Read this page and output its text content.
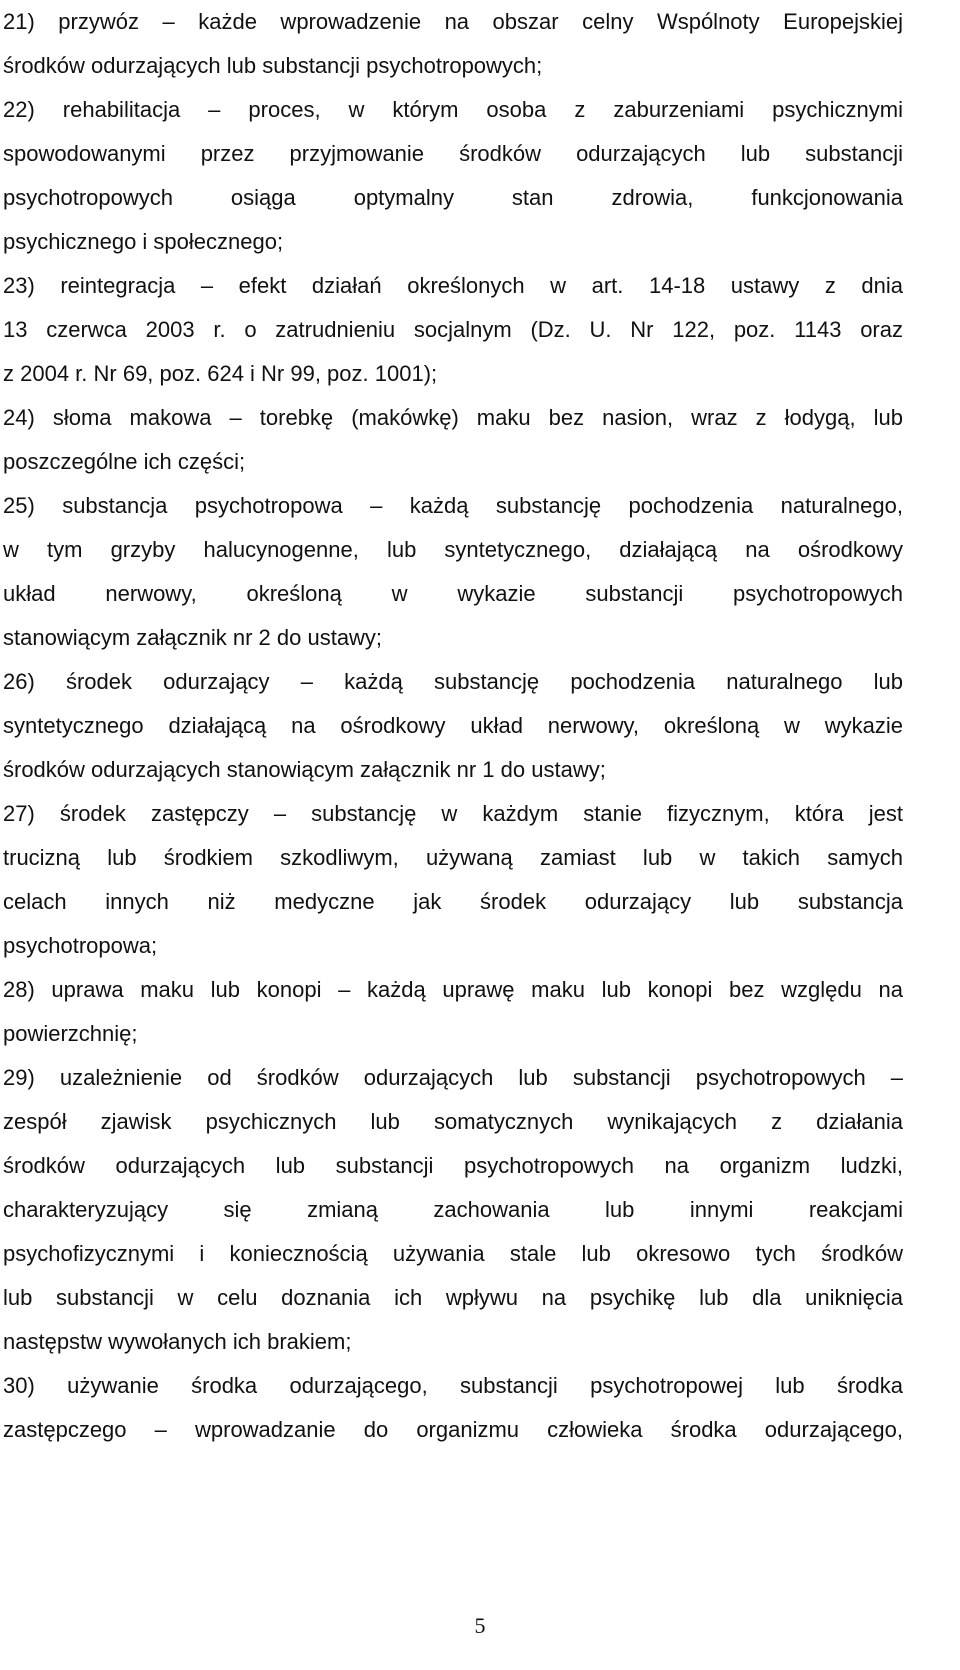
21) przywóz – każde wprowadzenie na obszar celny Wspólnoty Europejskiej
środków odurzających lub substancji psychotropowych;
22) rehabilitacja – proces, w którym osoba z zaburzeniami psychicznymi
spowodowanymi przez przyjmowanie środków odurzających lub substancji
psychotropowych osiąga optymalny stan zdrowia, funkcjonowania
psychicznego i społecznego;
23) reintegracja – efekt działań określonych w art. 14-18 ustawy z dnia
13 czerwca 2003 r. o zatrudnieniu socjalnym (Dz. U. Nr 122, poz. 1143 oraz
z 2004 r. Nr 69, poz. 624 i Nr 99, poz. 1001);
24) słoma makowa – torebkę (makówkę) maku bez nasion, wraz z łodygą, lub
poszczególne ich części;
25) substancja psychotropowa – każdą substancję pochodzenia naturalnego,
w tym grzyby halucynogenne, lub syntetycznego, działającą na ośrodkowy
układ nerwowy, określoną w wykazie substancji psychotropowych
stanowiącym załącznik nr 2 do ustawy;
26) środek odurzający – każdą substancję pochodzenia naturalnego lub
syntetycznego działającą na ośrodkowy układ nerwowy, określoną w wykazie
środków odurzających stanowiącym załącznik nr 1 do ustawy;
27) środek zastępczy – substancję w każdym stanie fizycznym, która jest
trucizną lub środkiem szkodliwym, używaną zamiast lub w takich samych
celach innych niż medyczne jak środek odurzający lub substancja
psychotropowa;
28) uprawa maku lub konopi – każdą uprawę maku lub konopi bez względu na
powierzchnię;
29) uzależnienie od środków odurzających lub substancji psychotropowych –
zespół zjawisk psychicznych lub somatycznych wynikających z działania
środków odurzających lub substancji psychotropowych na organizm ludzki,
charakteryzujący się zmianą zachowania lub innymi reakcjami
psychofizycznymi i koniecznością używania stale lub okresowo tych środków
lub substancji w celu doznania ich wpływu na psychikę lub dla uniknięcia
następstw wywołanych ich brakiem;
30) używanie środka odurzającego, substancji psychotropowej lub środka
zastępczego – wprowadzanie do organizmu człowieka środka odurzającego,
5
